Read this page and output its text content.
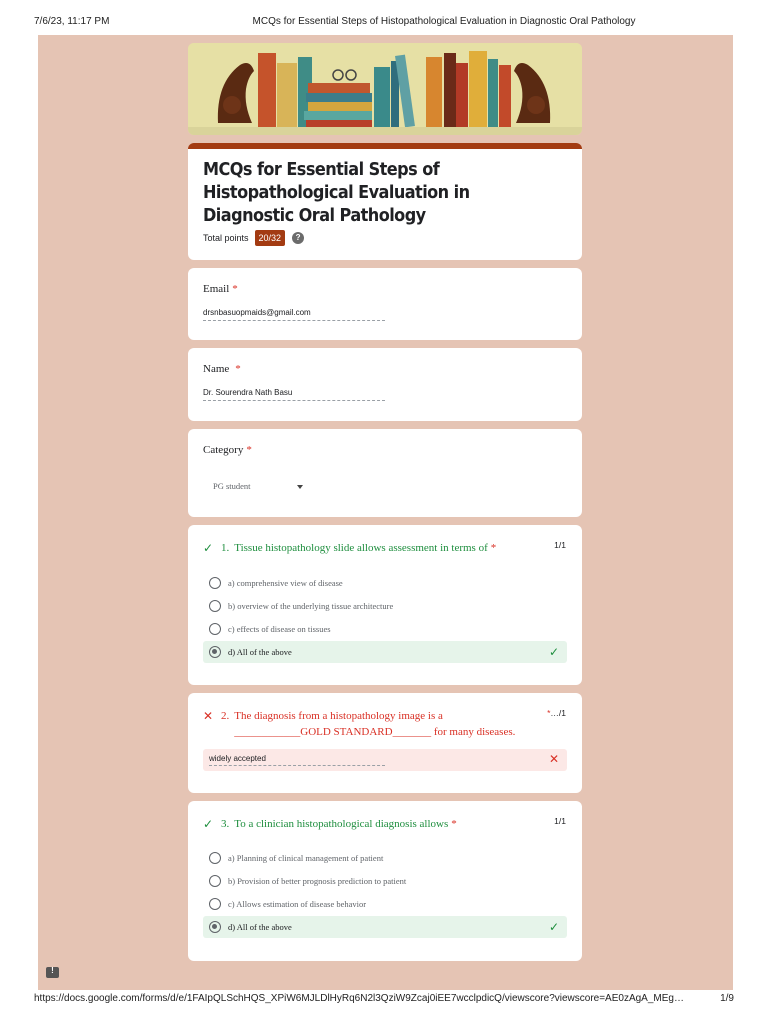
7/6/23, 11:17 PM	MCQs for Essential Steps of Histopathological Evaluation in Diagnostic Oral Pathology
MCQs for Essential Steps of Histopathological Evaluation in Diagnostic Oral Pathology
Total points	20/32	?
Email *
drsnbasuopmaids@gmail.com
Name *
Dr. Sourendra Nath Basu
Category *
PG student
✓ 1. Tissue histopathology slide allows assessment in terms of *	1/1
a) comprehensive view of disease
b) overview of the underlying tissue architecture
c) effects of disease on tissues
d) All of the above	✓
✕ 2. The diagnosis from a histopathology image is a ____________GOLD STANDARD_______ for many diseases.
*…/1
widely accepted	✕
✓ 3. To a clinician histopathological diagnosis allows *	1/1
a) Planning of clinical management of patient
b) Provision of better prognosis prediction to patient
c) Allows estimation of disease behavior
d) All of the above	✓
!
https://docs.google.com/forms/d/e/1FAIpQLSchHQS_XPiW6MJLDlHyRq6N2l3QziW9Zcaj0iEE7wcclpdicQ/viewscore?viewscore=AE0zAgA_MEg…	1/9
